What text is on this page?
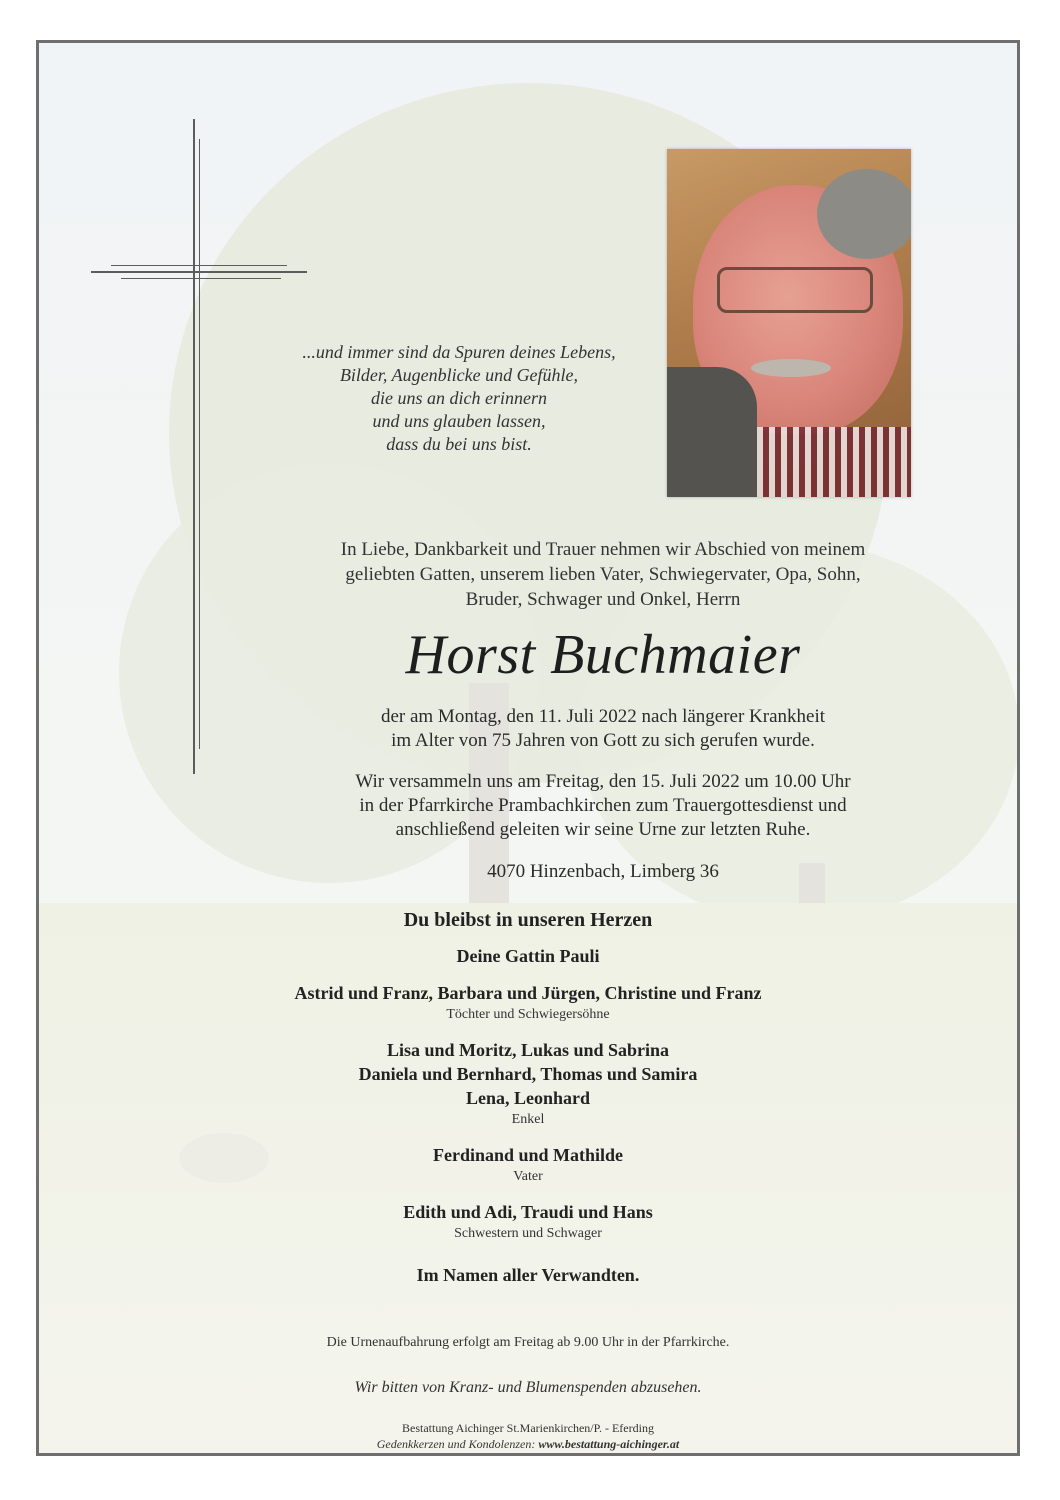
...und immer sind da Spuren deines Lebens,
Bilder, Augenblicke und Gefühle,
die uns an dich erinnern
und uns glauben lassen,
dass du bei uns bist.
In Liebe, Dankbarkeit und Trauer nehmen wir Abschied von meinem
geliebten Gatten, unserem lieben Vater, Schwiegervater, Opa, Sohn,
Bruder, Schwager und Onkel, Herrn
Horst Buchmaier
der am Montag, den 11. Juli 2022 nach längerer Krankheit
im Alter von 75 Jahren von Gott zu sich gerufen wurde.
Wir versammeln uns am Freitag, den 15. Juli 2022 um 10.00 Uhr
in der Pfarrkirche Prambachkirchen zum Trauergottesdienst und
anschließend geleiten wir seine Urne zur letzten Ruhe.
4070 Hinzenbach, Limberg 36
Du bleibst in unseren Herzen
Deine Gattin Pauli
Astrid und Franz, Barbara und Jürgen, Christine und Franz
Töchter und Schwiegersöhne
Lisa und Moritz, Lukas und Sabrina
Daniela und Bernhard, Thomas und Samira
Lena, Leonhard
Enkel
Ferdinand und Mathilde
Vater
Edith und Adi, Traudi und Hans
Schwestern und Schwager
Im Namen aller Verwandten.
Die Urnenaufbahrung erfolgt am Freitag ab 9.00 Uhr in der Pfarrkirche.
Wir bitten von Kranz- und Blumenspenden abzusehen.
Bestattung Aichinger St.Marienkirchen/P. - Eferding
Gedenkkerzen und Kondolenzen: www.bestattung-aichinger.at
